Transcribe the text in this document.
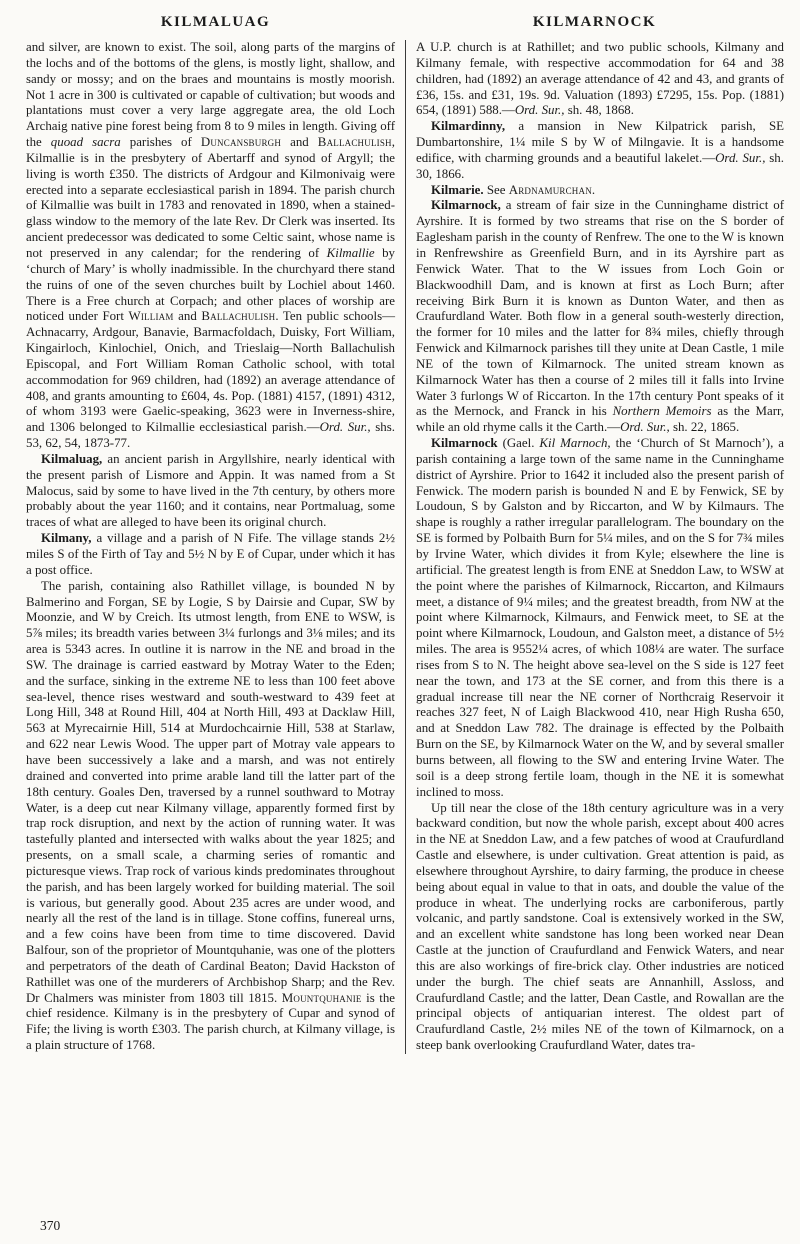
KILMALUAG	KILMARNOCK

and silver, are known to exist. The soil, along parts of the margins of the lochs and of the bottoms of the glens, is mostly light, shallow, and sandy or mossy; and on the braes and mountains is mostly moorish. Not 1 acre in 300 is cultivated or capable of cultivation; but woods and plantations must cover a very large aggregate area, the old Loch Archaig native pine forest being from 8 to 9 miles in length. Giving off the quoad sacra parishes of Duncansburgh and Ballachulish, Kilmallie is in the presbytery of Abertarff and synod of Argyll; the living is worth £350. The districts of Ardgour and Kilmonivaig were erected into a separate ecclesiastical parish in 1894. The parish church of Kilmallie was built in 1783 and renovated in 1890, when a stained-glass window to the memory of the late Rev. Dr Clerk was inserted. Its ancient predecessor was dedicated to some Celtic saint, whose name is not preserved in any calendar; for the rendering of Kilmallie by ‘church of Mary’ is wholly inadmissible. In the churchyard there stand the ruins of one of the seven churches built by Lochiel about 1460. There is a Free church at Corpach; and other places of worship are noticed under Fort William and Ballachulish. Ten public schools—Achnacarry, Ardgour, Banavie, Barmacfoldach, Duisky, Fort William, Kingairloch, Kinlochiel, Onich, and Trieslaig—North Ballachulish Episcopal, and Fort William Roman Catholic school, with total accommodation for 969 children, had (1892) an average attendance of 408, and grants amounting to £604, 4s. Pop. (1881) 4157, (1891) 4312, of whom 3193 were Gaelic-speaking, 3623 were in Inverness-shire, and 1306 belonged to Kilmallie ecclesiastical parish.—Ord. Sur., shs. 53, 62, 54, 1873-77.

Kilmaluag, an ancient parish in Argyllshire, nearly identical with the present parish of Lismore and Appin. It was named from a St Malocus, said by some to have lived in the 7th century, by others more probably about the year 1160; and it contains, near Portmaluag, some traces of what are alleged to have been its original church.

Kilmany, a village and a parish of N Fife. The village stands 2½ miles S of the Firth of Tay and 5½ N by E of Cupar, under which it has a post office.

The parish, containing also Rathillet village, is bounded N by Balmerino and Forgan, SE by Logie, S by Dairsie and Cupar, SW by Moonzie, and W by Creich. Its utmost length, from ENE to WSW, is 5⅞ miles; its breadth varies between 3¼ furlongs and 3⅛ miles; and its area is 5343 acres. In outline it is narrow in the NE and broad in the SW. The drainage is carried eastward by Motray Water to the Eden; and the surface, sinking in the extreme NE to less than 100 feet above sea-level, thence rises westward and south-westward to 439 feet at Long Hill, 348 at Round Hill, 404 at North Hill, 493 at Dacklaw Hill, 563 at Myrecairnie Hill, 514 at Murdochcairnie Hill, 538 at Starlaw, and 622 near Lewis Wood. The upper part of Motray vale appears to have been successively a lake and a marsh, and was not entirely drained and converted into prime arable land till the latter part of the 18th century. Goales Den, traversed by a runnel southward to Motray Water, is a deep cut near Kilmany village, apparently formed first by trap rock disruption, and next by the action of running water. It was tastefully planted and intersected with walks about the year 1825; and presents, on a small scale, a charming series of romantic and picturesque views. Trap rock of various kinds predominates throughout the parish, and has been largely worked for building material. The soil is various, but generally good. About 235 acres are under wood, and nearly all the rest of the land is in tillage. Stone coffins, funereal urns, and a few coins have been from time to time discovered. David Balfour, son of the proprietor of Mountquhanie, was one of the plotters and perpetrators of the death of Cardinal Beaton; David Hackston of Rathillet was one of the murderers of Archbishop Sharp; and the Rev. Dr Chalmers was minister from 1803 till 1815. Mountquhanie is the chief residence. Kilmany is in the presbytery of Cupar and synod of Fife; the living is worth £303. The parish church, at Kilmany village, is a plain structure of 1768.

A U.P. church is at Rathillet; and two public schools, Kilmany and Kilmany female, with respective accommodation for 64 and 38 children, had (1892) an average attendance of 42 and 43, and grants of £36, 15s. and £31, 19s. 9d. Valuation (1893) £7295, 15s. Pop. (1881) 654, (1891) 588.—Ord. Sur., sh. 48, 1868.

Kilmardinny, a mansion in New Kilpatrick parish, SE Dumbartonshire, 1¼ mile S by W of Milngavie. It is a handsome edifice, with charming grounds and a beautiful lakelet.—Ord. Sur., sh. 30, 1866.

Kilmarie. See Ardnamurchan.

Kilmarnock, a stream of fair size in the Cunninghame district of Ayrshire. It is formed by two streams that rise on the S border of Eaglesham parish in the county of Renfrew. The one to the W is known in Renfrewshire as Greenfield Burn, and in its Ayrshire part as Fenwick Water. That to the W issues from Loch Goin or Blackwoodhill Dam, and is known at first as Loch Burn; after receiving Birk Burn it is known as Dunton Water, and then as Craufurdland Water. Both flow in a general south-westerly direction, the former for 10 miles and the latter for 8¾ miles, chiefly through Fenwick and Kilmarnock parishes till they unite at Dean Castle, 1 mile NE of the town of Kilmarnock. The united stream known as Kilmarnock Water has then a course of 2 miles till it falls into Irvine Water 3 furlongs W of Riccarton. In the 17th century Pont speaks of it as the Mernock, and Franck in his Northern Memoirs as the Marr, while an old rhyme calls it the Carth.—Ord. Sur., sh. 22, 1865.

Kilmarnock (Gael. Kil Marnoch, the ‘Church of St Marnoch’), a parish containing a large town of the same name in the Cunninghame district of Ayrshire. Prior to 1642 it included also the present parish of Fenwick. The modern parish is bounded N and E by Fenwick, SE by Loudoun, S by Galston and by Riccarton, and W by Kilmaurs. The shape is roughly a rather irregular parallelogram. The boundary on the SE is formed by Polbaith Burn for 5¼ miles, and on the S for 7¾ miles by Irvine Water, which divides it from Kyle; elsewhere the line is artificial. The greatest length is from ENE at Sneddon Law, to WSW at the point where the parishes of Kilmarnock, Riccarton, and Kilmaurs meet, a distance of 9¼ miles; and the greatest breadth, from NW at the point where Kilmarnock, Kilmaurs, and Fenwick meet, to SE at the point where Kilmarnock, Loudoun, and Galston meet, a distance of 5½ miles. The area is 9552¼ acres, of which 108¼ are water. The surface rises from S to N. The height above sea-level on the S side is 127 feet near the town, and 173 at the SE corner, and from this there is a gradual increase till near the NE corner of Northcraig Reservoir it reaches 327 feet, N of Laigh Blackwood 410, near High Rusha 650, and at Sneddon Law 782. The drainage is effected by the Polbaith Burn on the SE, by Kilmarnock Water on the W, and by several smaller burns between, all flowing to the SW and entering Irvine Water. The soil is a deep strong fertile loam, though in the NE it is somewhat inclined to moss.

Up till near the close of the 18th century agriculture was in a very backward condition, but now the whole parish, except about 400 acres in the NE at Sneddon Law, and a few patches of wood at Craufurdland Castle and elsewhere, is under cultivation. Great attention is paid, as elsewhere throughout Ayrshire, to dairy farming, the produce in cheese being about equal in value to that in oats, and double the value of the produce in wheat. The underlying rocks are carboniferous, partly volcanic, and partly sandstone. Coal is extensively worked in the SW, and an excellent white sandstone has long been worked near Dean Castle at the junction of Craufurdland and Fenwick Waters, and near this are also workings of fire-brick clay. Other industries are noticed under the burgh. The chief seats are Annanhill, Assloss, and Craufurdland Castle; and the latter, Dean Castle, and Rowallan are the principal objects of antiquarian interest. The oldest part of Craufurdland Castle, 2½ miles NE of the town of Kilmarnock, on a steep bank overlooking Craufurdland Water, dates tra-

370
